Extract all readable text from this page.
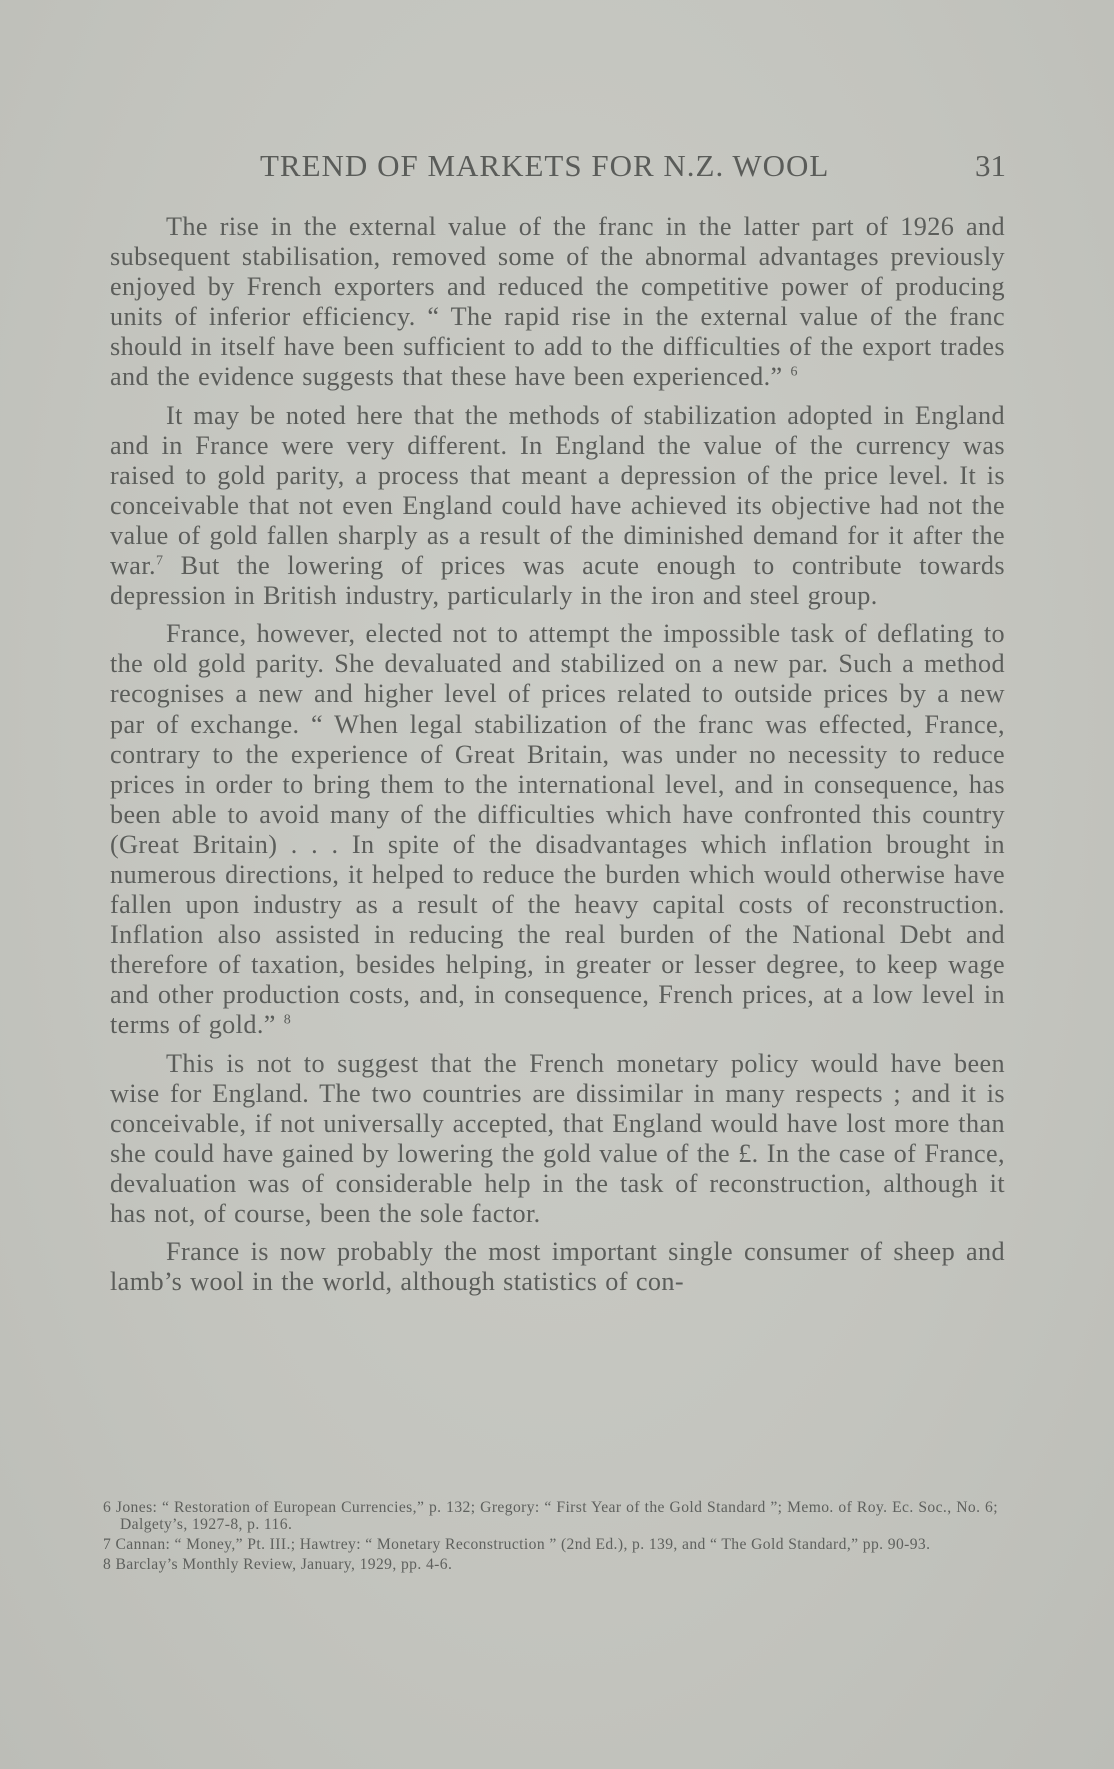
TREND OF MARKETS FOR N.Z. WOOL	31

The rise in the external value of the franc in the latter part of 1926 and subsequent stabilisation, removed some of the abnormal advantages previously enjoyed by French exporters and reduced the competitive power of producing units of inferior efficiency. “ The rapid rise in the external value of the franc should in itself have been sufficient to add to the difficulties of the export trades and the evidence suggests that these have been experienced.” $^6$

It may be noted here that the methods of stabilization adopted in England and in France were very different. In England the value of the currency was raised to gold parity, a process that meant a depression of the price level. It is conceivable that not even England could have achieved its objective had not the value of gold fallen sharply as a result of the diminished demand for it after the war.$^7$ But the lowering of prices was acute enough to contribute towards depression in British industry, particularly in the iron and steel group.

France, however, elected not to attempt the impossible task of deflating to the old gold parity. She devaluated and stabilized on a new par. Such a method recognises a new and higher level of prices related to outside prices by a new par of exchange. “ When legal stabilization of the franc was effected, France, contrary to the experience of Great Britain, was under no necessity to reduce prices in order to bring them to the international level, and in consequence, has been able to avoid many of the difficulties which have confronted this country (Great Britain) . . . In spite of the disadvantages which inflation brought in numerous directions, it helped to reduce the burden which would otherwise have fallen upon industry as a result of the heavy capital costs of reconstruction. Inflation also assisted in reducing the real burden of the National Debt and therefore of taxation, besides helping, in greater or lesser degree, to keep wage and other production costs, and, in consequence, French prices, at a low level in terms of gold.” $^8$

This is not to suggest that the French monetary policy would have been wise for England. The two countries are dissimilar in many respects ; and it is conceivable, if not universally accepted, that England would have lost more than she could have gained by lowering the gold value of the £. In the case of France, devaluation was of considerable help in the task of reconstruction, although it has not, of course, been the sole factor.

France is now probably the most important single consumer of sheep and lamb’s wool in the world, although statistics of con-

6 Jones: “ Restoration of European Currencies,” p. 132; Gregory: “ First Year of the Gold Standard ”; Memo. of Roy. Ec. Soc., No. 6; Dalgety’s, 1927-8, p. 116.
7 Cannan: “ Money,” Pt. III.; Hawtrey: “ Monetary Reconstruction ” (2nd Ed.), p. 139, and “ The Gold Standard,” pp. 90-93.
8 Barclay’s Monthly Review, January, 1929, pp. 4-6.
